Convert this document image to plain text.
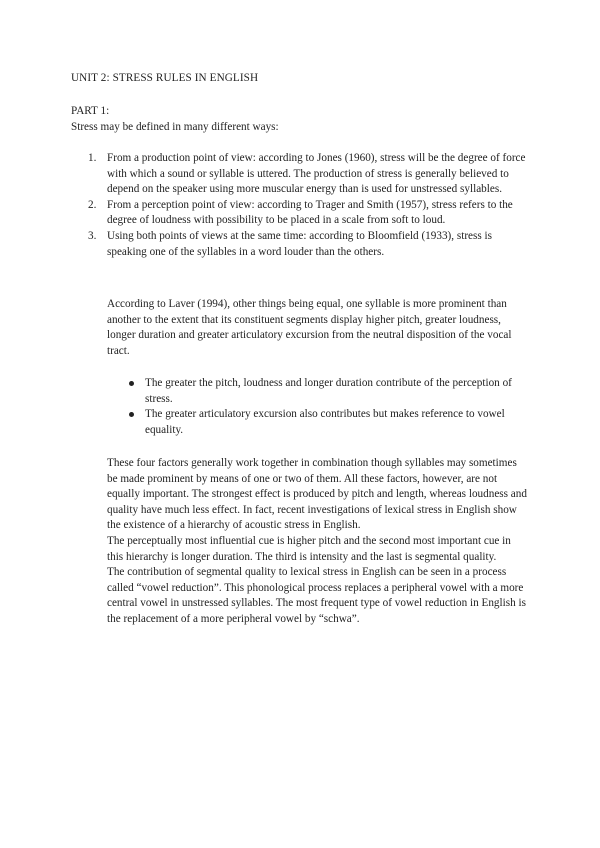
UNIT 2: STRESS RULES IN ENGLISH
PART 1:
Stress may be defined in many different ways:
1. From a production point of view: according to Jones (1960), stress will be the degree of force with which a sound or syllable is uttered. The production of stress is generally believed to depend on the speaker using more muscular energy than is used for unstressed syllables.
2. From a perception point of view: according to Trager and Smith (1957), stress refers to the degree of loudness with possibility to be placed in a scale from soft to loud.
3. Using both points of views at the same time: according to Bloomfield (1933), stress is speaking one of the syllables in a word louder than the others.

According to Laver (1994), other things being equal, one syllable is more prominent than another to the extent that its constituent segments display higher pitch, greater loudness, longer duration and greater articulatory excursion from the neutral disposition of the vocal tract.

The greater the pitch, loudness and longer duration contribute of the perception of stress.
The greater articulatory excursion also contributes but makes reference to vowel equality.

These four factors generally work together in combination though syllables may sometimes be made prominent by means of one or two of them. All these factors, however, are not equally important. The strongest effect is produced by pitch and length, whereas loudness and quality have much less effect. In fact, recent investigations of lexical stress in English show the existence of a hierarchy of acoustic stress in English.

The perceptually most influential cue is higher pitch and the second most important cue in this hierarchy is longer duration. The third is intensity and the last is segmental quality.

The contribution of segmental quality to lexical stress in English can be seen in a process called “vowel reduction”. This phonological process replaces a peripheral vowel with a more central vowel in unstressed syllables. The most frequent type of vowel reduction in English is the replacement of a more peripheral vowel by “schwa”.
